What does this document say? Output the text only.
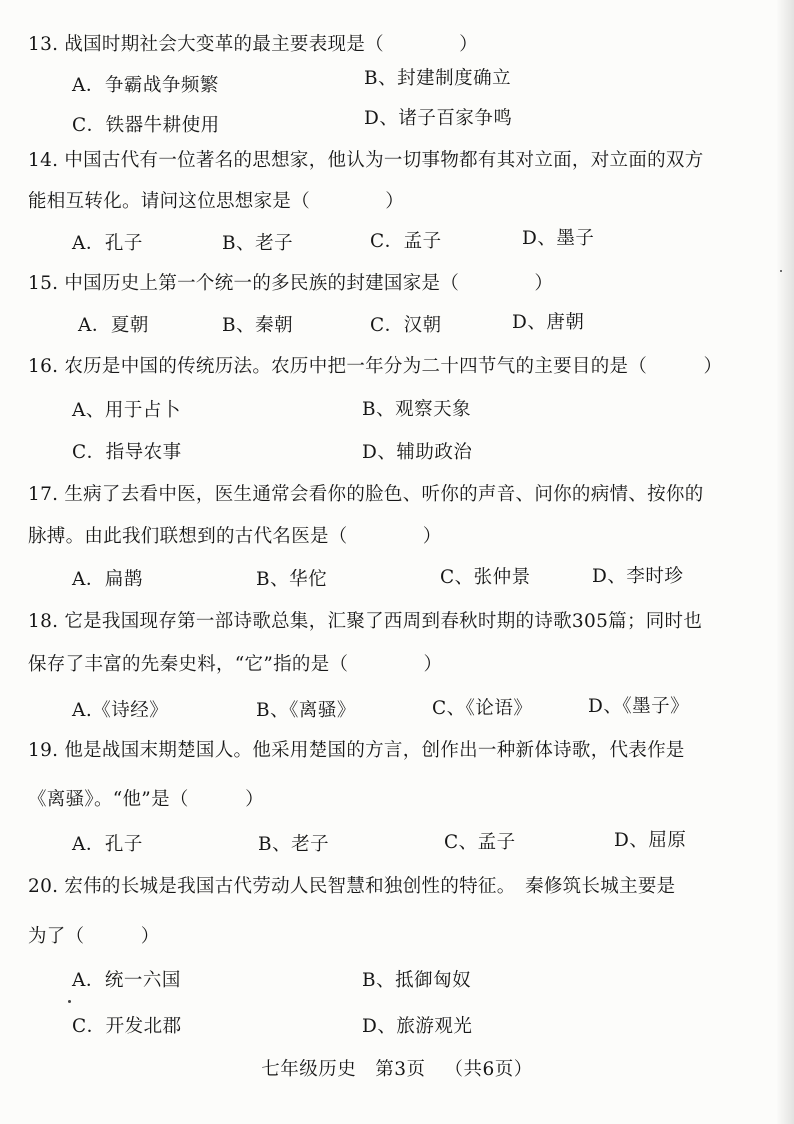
13. 战国时期社会大变革的最主要表现是（　　　　）
A．争霸战争频繁	B、封建制度确立
C．铁器牛耕使用	D、诸子百家争鸣
14. 中国古代有一位著名的思想家，他认为一切事物都有其对立面，对立面的双方
能相互转化。请问这位思想家是（　　　　）
A．孔子	B、老子	C．孟子	D、墨子
15. 中国历史上第一个统一的多民族的封建国家是（　　　　）
A．夏朝	B、秦朝	C．汉朝	D、唐朝
16. 农历是中国的传统历法。农历中把一年分为二十四节气的主要目的是（　　　）
A、用于占卜	B、观察天象
C．指导农事	D、辅助政治
17. 生病了去看中医，医生通常会看你的脸色、听你的声音、问你的病情、按你的
脉搏。由此我们联想到的古代名医是（　　　　）
A．扁鹊	B、华佗	C、张仲景	D、李时珍
18. 它是我国现存第一部诗歌总集，汇聚了西周到春秋时期的诗歌305篇；同时也
保存了丰富的先秦史料，“它”指的是（　　　　）
A.《诗经》	B、《离骚》	C、《论语》	D、《墨子》
19. 他是战国末期楚国人。他采用楚国的方言，创作出一种新体诗歌，代表作是
《离骚》。“他”是（　　　）
A．孔子	B、老子	C、孟子	D、屈原
20. 宏伟的长城是我国古代劳动人民智慧和独创性的特征。　秦修筑长城主要是
为了（　　　）
A．统一六国	B、抵御匈奴
C．开发北郡	D、旅游观光
七年级历史  第3页  （共6页）
